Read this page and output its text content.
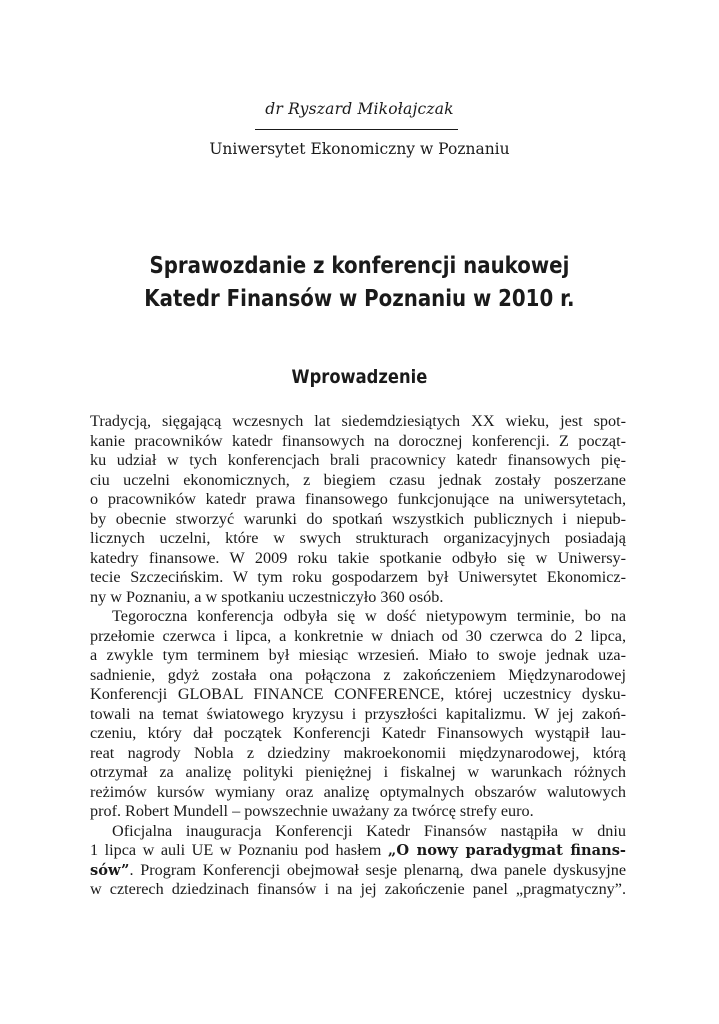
dr Ryszard Mikołajczak
Uniwersytet Ekonomiczny w Poznaniu
Sprawozdanie z konferencji naukowej
Katedr Finansów w Poznaniu w 2010 r.
Wprowadzenie
Tradycją, sięgającą wczesnych lat siedemdziesiątych XX wieku, jest spot-
kanie pracowników katedr finansowych na dorocznej konferencji. Z począt-
ku udział w tych konferencjach brali pracownicy katedr finansowych pię-
ciu uczelni ekonomicznych, z biegiem czasu jednak zostały poszerzane
o pracowników katedr prawa finansowego funkcjonujące na uniwersytetach,
by obecnie stworzyć warunki do spotkań wszystkich publicznych i niepub-
licznych uczelni, które w swych strukturach organizacyjnych posiadają
katedry finansowe. W 2009 roku takie spotkanie odbyło się w Uniwersy-
tecie Szczecińskim. W tym roku gospodarzem był Uniwersytet Ekonomicz-
ny w Poznaniu, a w spotkaniu uczestniczyło 360 osób.
Tegoroczna konferencja odbyła się w dość nietypowym terminie, bo na
przełomie czerwca i lipca, a konkretnie w dniach od 30 czerwca do 2 lipca,
a zwykle tym terminem był miesiąc wrzesień. Miało to swoje jednak uza-
sadnienie, gdyż została ona połączona z zakończeniem Międzynarodowej
Konferencji GLOBAL FINANCE CONFERENCE, której uczestnicy dysku-
towali na temat światowego kryzysu i przyszłości kapitalizmu. W jej zakoń-
czeniu, który dał początek Konferencji Katedr Finansowych wystąpił lau-
reat nagrody Nobla z dziedziny makroekonomii międzynarodowej, którą
otrzymał za analizę polityki pieniężnej i fiskalnej w warunkach różnych
reżimów kursów wymiany oraz analizę optymalnych obszarów walutowych
prof. Robert Mundell – powszechnie uważany za twórcę strefy euro.
Oficjalna inauguracja Konferencji Katedr Finansów nastąpiła w dniu
1 lipca w auli UE w Poznaniu pod hasłem „O nowy paradygmat finans-
sów”. Program Konferencji obejmował sesje plenarną, dwa panele dyskusyjne
w czterech dziedzinach finansów i na jej zakończenie panel „pragmatyczny”.
